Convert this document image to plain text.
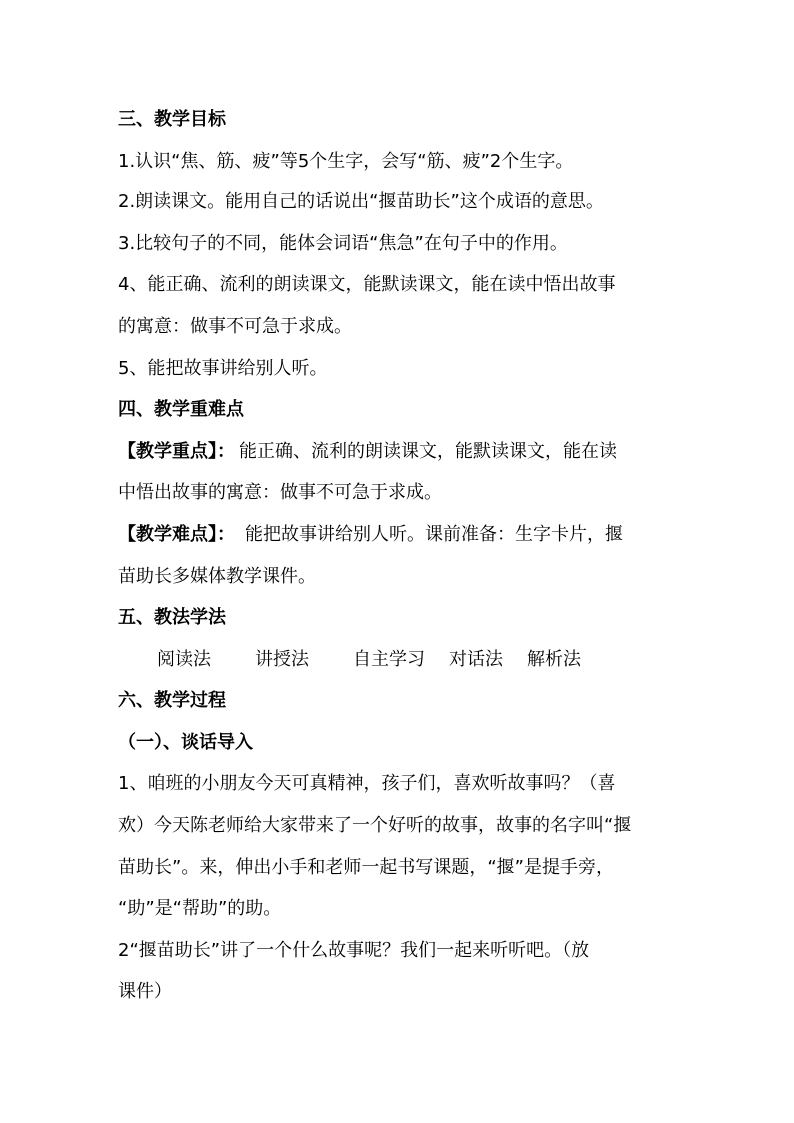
三、教学目标
1.认识“焦、筋、疲”等5个生字，会写“筋、疲”2个生字。
2.朗读课文。能用自己的话说出“揠苗助长”这个成语的意思。
3.比较句子的不同，能体会词语“焦急”在句子中的作用。
4、能正确、流利的朗读课文，能默读课文，能在读中悟出故事
的寓意：做事不可急于求成。
5、能把故事讲给别人听。
四、教学重难点
【教学重点】： 能正确、流利的朗读课文，能默读课文，能在读
中悟出故事的寓意：做事不可急于求成。
【教学难点】： 能把故事讲给别人听。课前准备：生字卡片，揠
苗助长多媒体教学课件。
五、教法学法
阅读法 讲授法 自主学习 对话法 解析法
六、教学过程
（一）、谈话导入
1、咱班的小朋友今天可真精神，孩子们，喜欢听故事吗？（喜
欢）今天陈老师给大家带来了一个好听的故事，故事的名字叫“揠
苗助长”。来，伸出小手和老师一起书写课题，“揠”是提手旁，
“助”是“帮助”的助。
2“揠苗助长”讲了一个什么故事呢？我们一起来听听吧。（放
课件）
